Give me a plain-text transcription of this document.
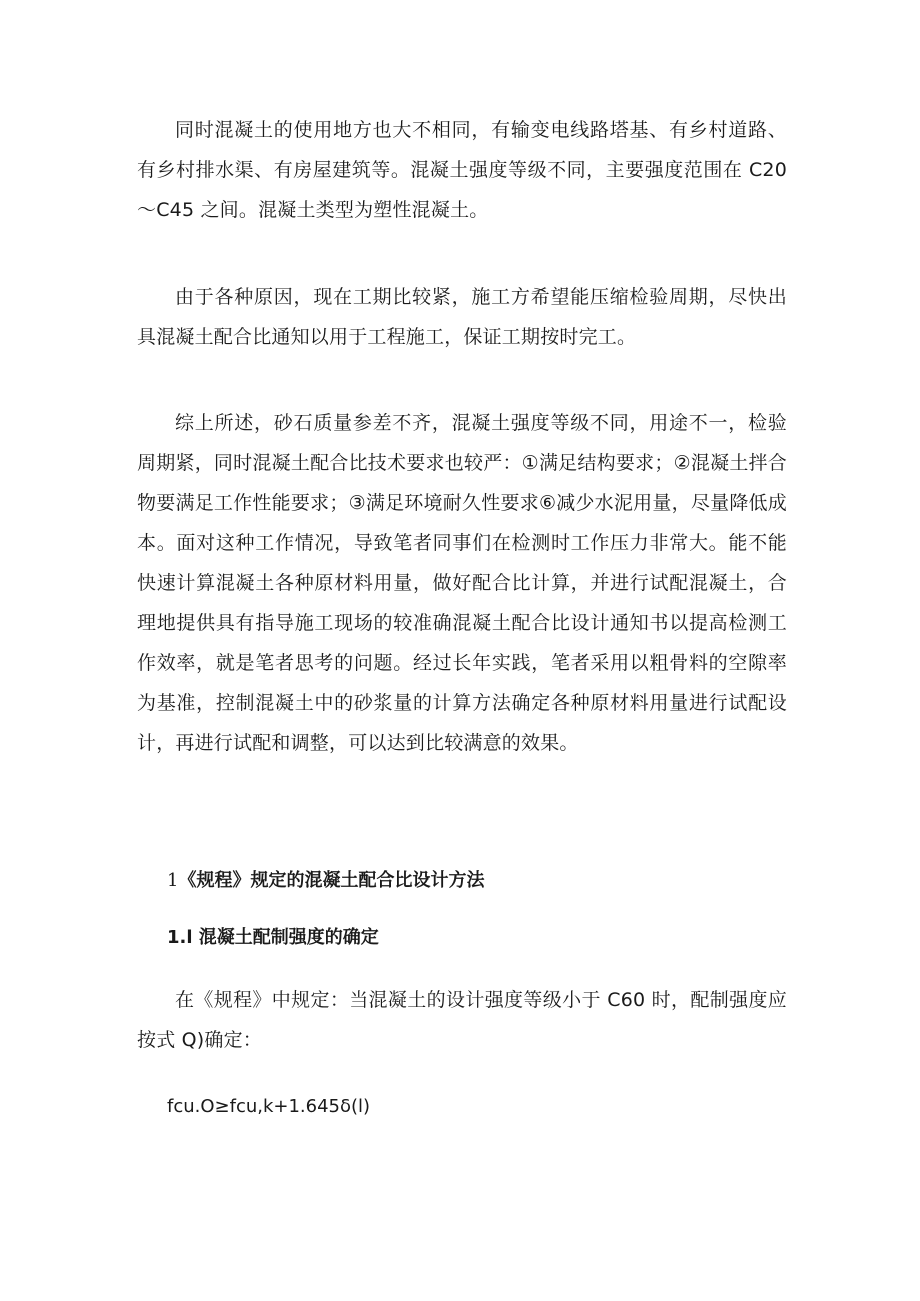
同时混凝土的使用地方也大不相同，有输变电线路塔基、有乡村道路、有乡村排水渠、有房屋建筑等。混凝土强度等级不同，主要强度范围在 C20～C45 之间。混凝土类型为塑性混凝土。

由于各种原因，现在工期比较紧，施工方希望能压缩检验周期，尽快出具混凝土配合比通知以用于工程施工，保证工期按时完工。

综上所述，砂石质量参差不齐，混凝土强度等级不同，用途不一，检验周期紧，同时混凝土配合比技术要求也较严：①满足结构要求；②混凝土拌合物要满足工作性能要求；③满足环境耐久性要求⑥减少水泥用量，尽量降低成本。面对这种工作情况，导致笔者同事们在检测时工作压力非常大。能不能快速计算混凝土各种原材料用量，做好配合比计算，并进行试配混凝土，合理地提供具有指导施工现场的较准确混凝土配合比设计通知书以提高检测工作效率，就是笔者思考的问题。经过长年实践，笔者采用以粗骨料的空隙率为基准，控制混凝土中的砂浆量的计算方法确定各种原材料用量进行试配设计，再进行试配和调整，可以达到比较满意的效果。

1《规程》规定的混凝土配合比设计方法
1.l 混凝土配制强度的确定

在《规程》中规定：当混凝土的设计强度等级小于 C60 时，配制强度应按式 Q)确定：

fcu.O≥fcu,k+1.645δ(l)
